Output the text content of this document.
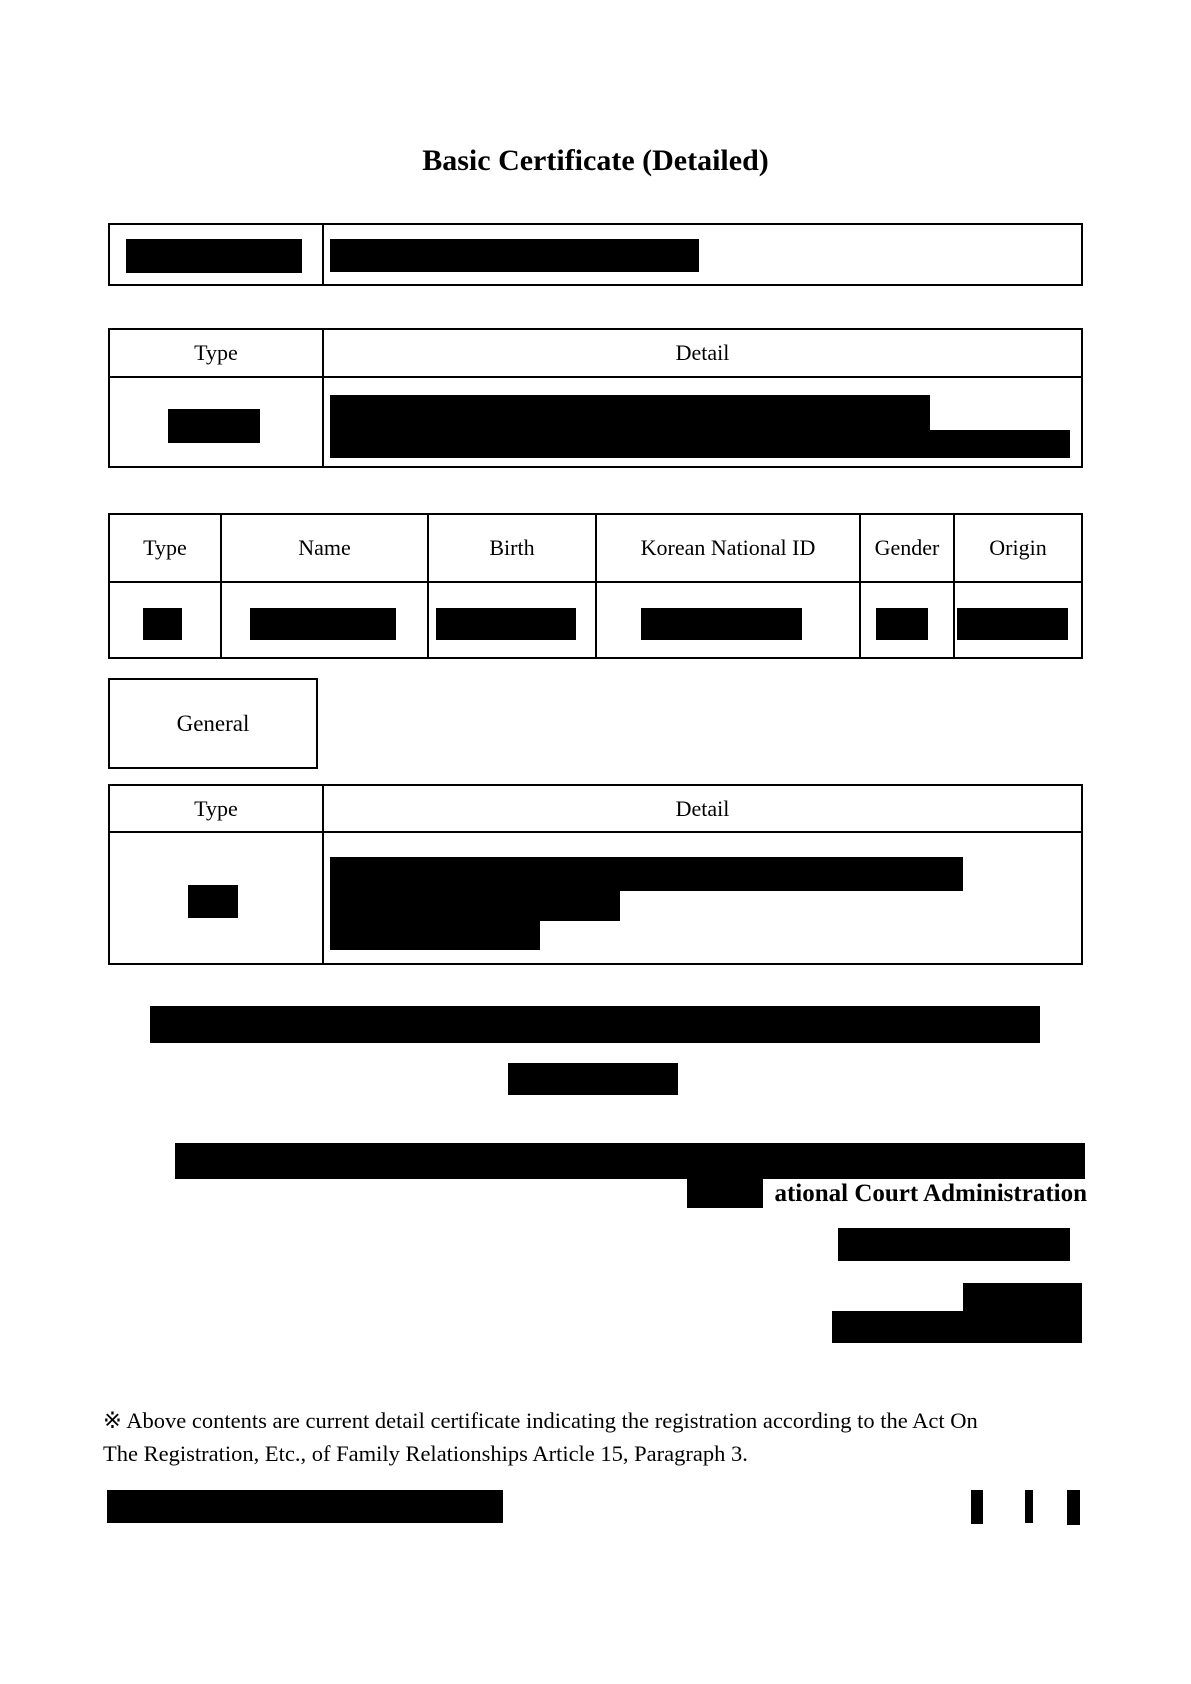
Basic Certificate (Detailed)
Type	Detail
Type	Name	Birth	Korean National ID	Gender	Origin
General
Type	Detail
ational Court Administration
※ Above contents are current detail certificate indicating the registration according to the Act On
The Registration, Etc., of Family Relationships Article 15, Paragraph 3.
